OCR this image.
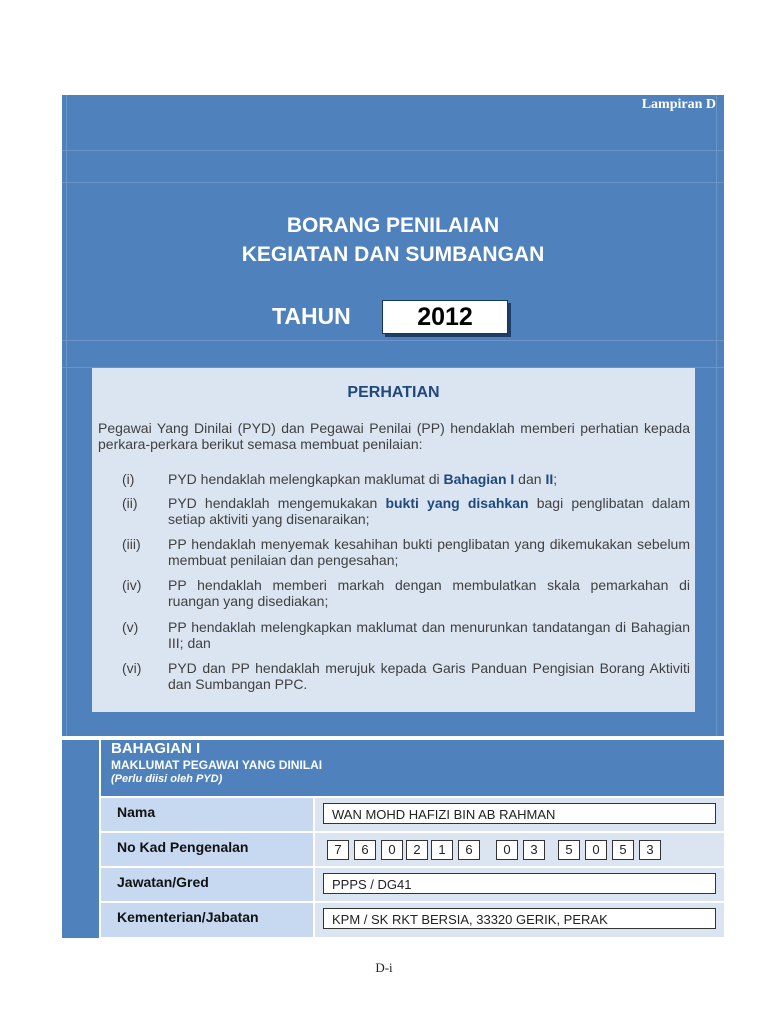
Lampiran D
BORANG PENILAIAN
KEGIATAN DAN SUMBANGAN
TAHUN	2012
PERHATIAN
Pegawai Yang Dinilai (PYD) dan Pegawai Penilai (PP) hendaklah memberi perhatian kepada perkara-perkara berikut semasa membuat penilaian:
(i)	PYD hendaklah melengkapkan maklumat di Bahagian I dan II;
(ii)	PYD hendaklah mengemukakan bukti yang disahkan bagi penglibatan dalam setiap aktiviti yang disenaraikan;
(iii)	PP hendaklah menyemak kesahihan bukti penglibatan yang dikemukakan sebelum membuat penilaian dan pengesahan;
(iv)	PP hendaklah memberi markah dengan membulatkan skala pemarkahan di ruangan yang disediakan;
(v)	PP hendaklah melengkapkan maklumat dan menurunkan tandatangan di Bahagian III; dan
(vi)	PYD dan PP hendaklah merujuk kepada Garis Panduan Pengisian Borang Aktiviti dan Sumbangan PPC.
BAHAGIAN I
MAKLUMAT PEGAWAI YANG DINILAI
(Perlu diisi oleh PYD)
Nama	WAN MOHD HAFIZI BIN AB RAHMAN
No Kad Pengenalan	7	6	0	2	1	6	0	3	5	0	5	3
Jawatan/Gred	PPPS / DG41
Kementerian/Jabatan	KPM / SK RKT BERSIA, 33320 GERIK, PERAK
D-i
